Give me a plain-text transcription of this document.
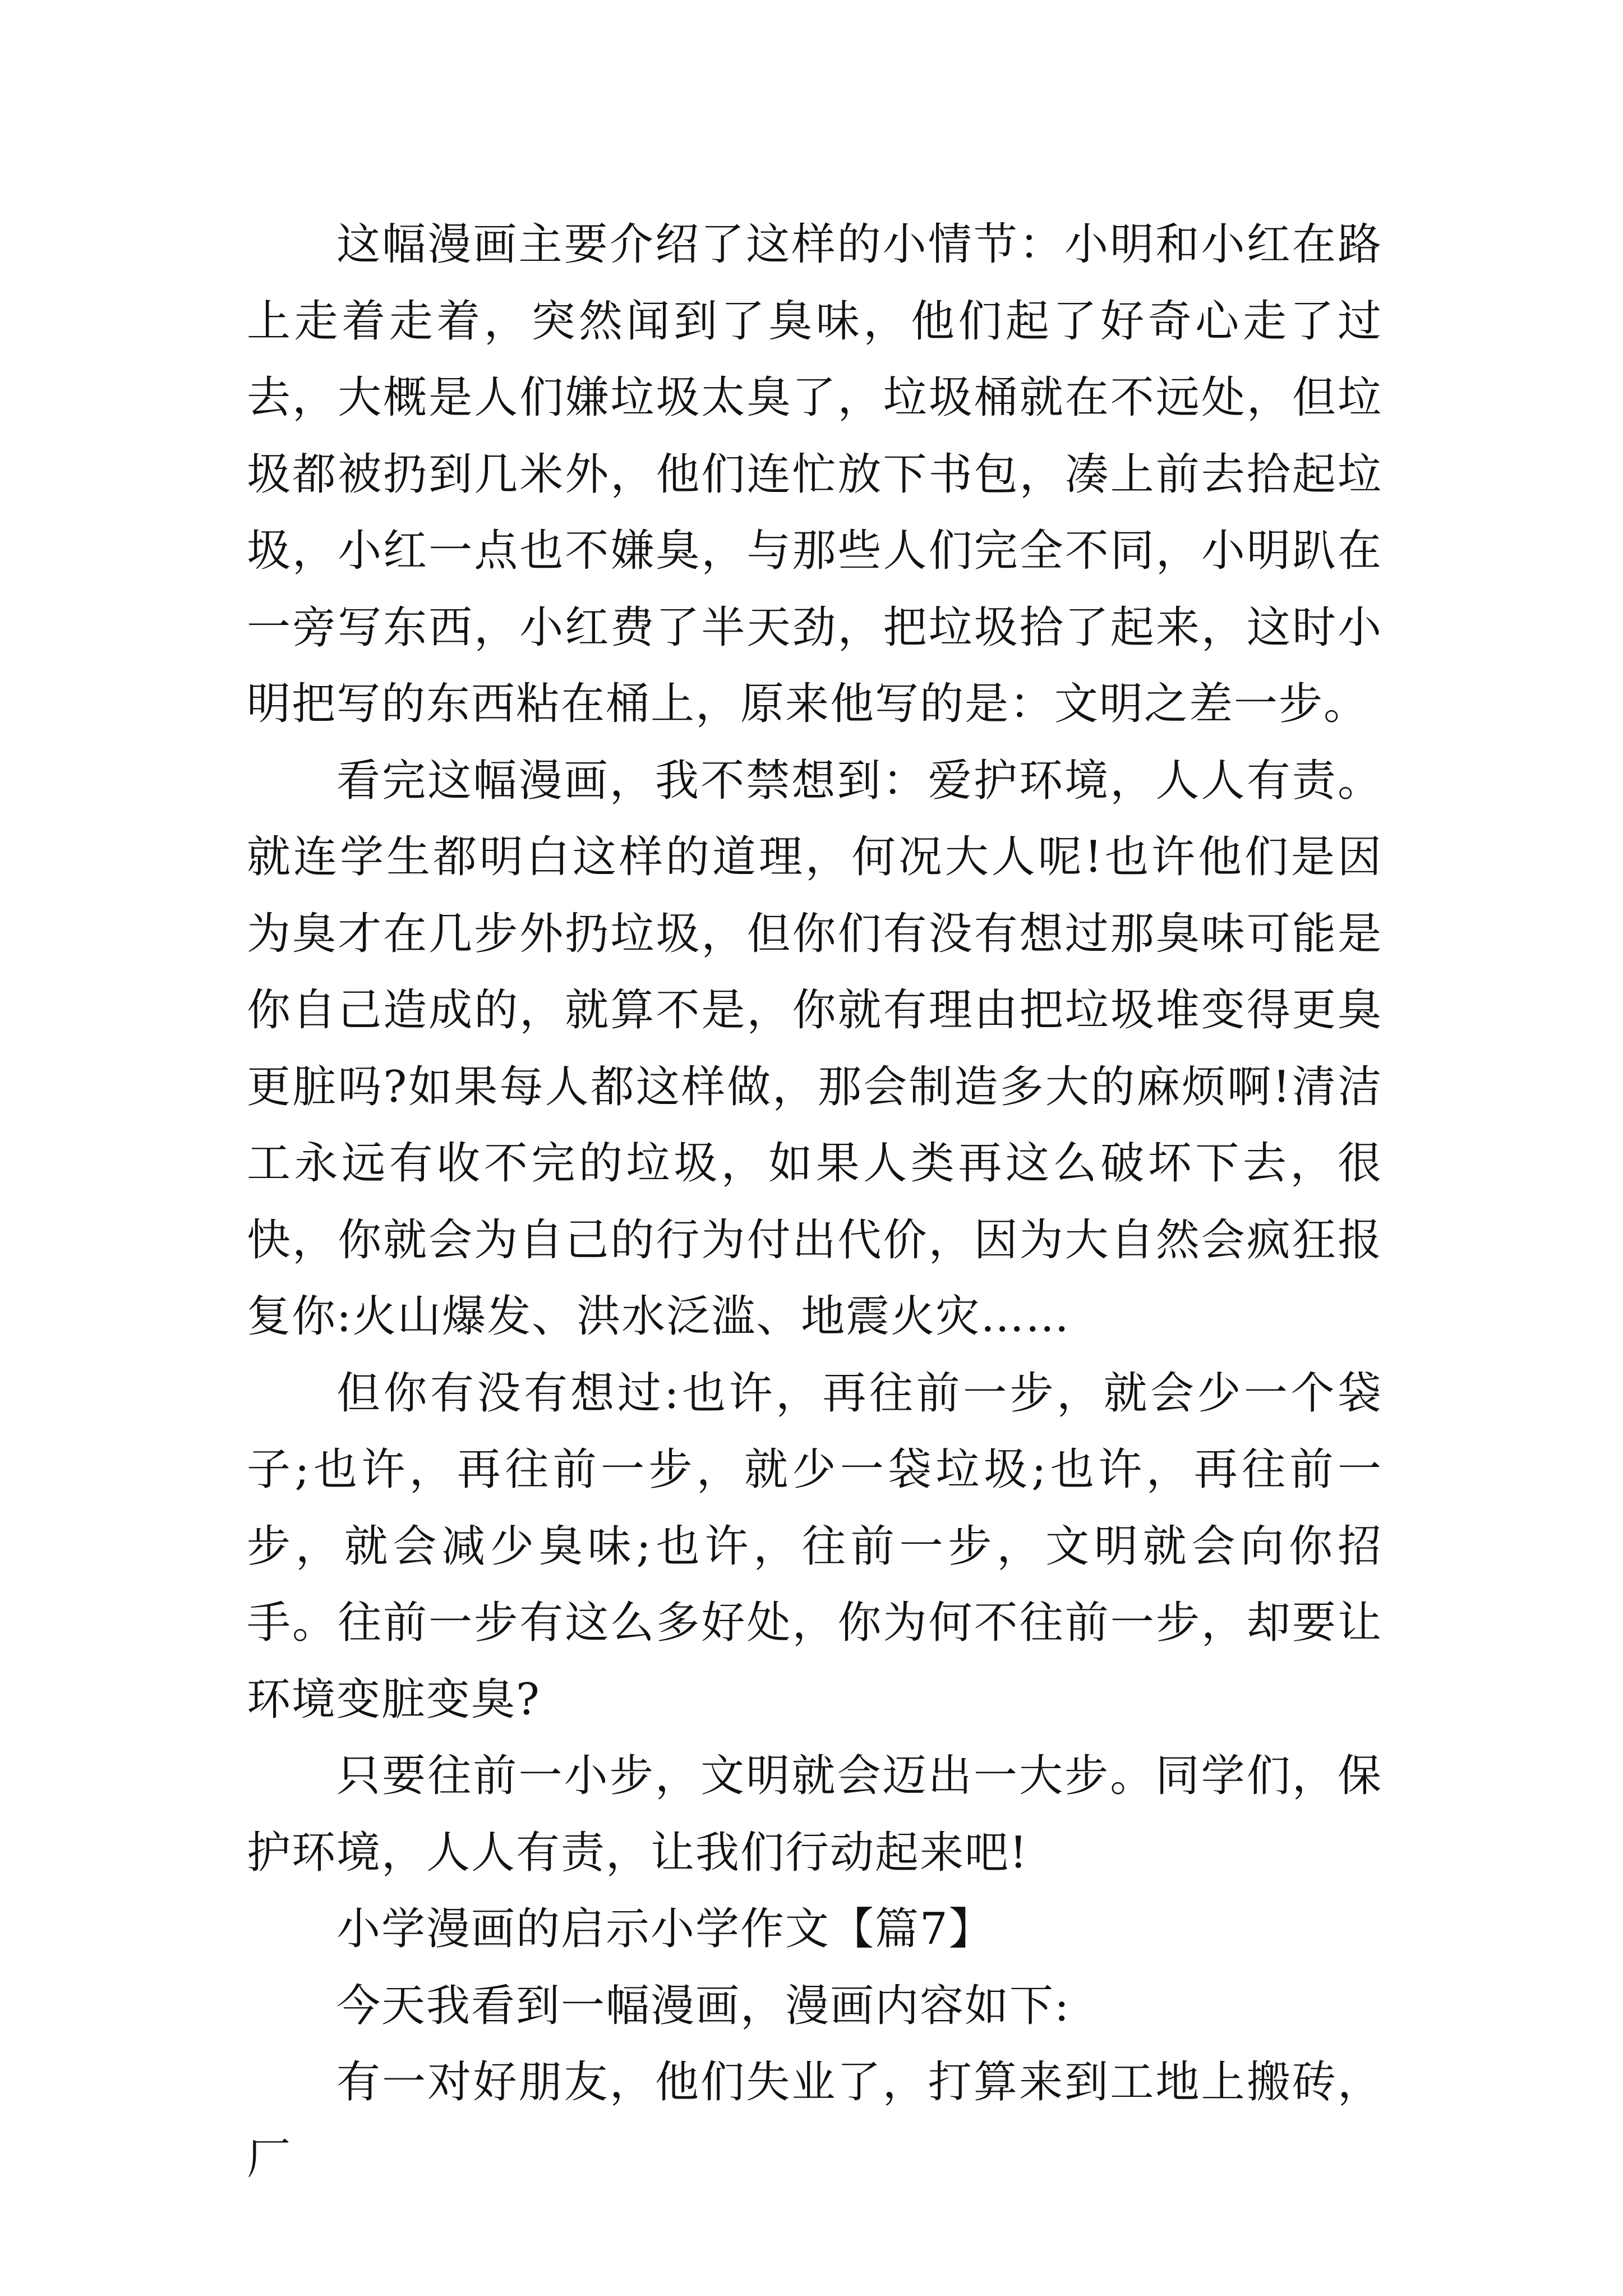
这幅漫画主要介绍了这样的小情节：小明和小红在路上走着走着，突然闻到了臭味，他们起了好奇心走了过去，大概是人们嫌垃圾太臭了，垃圾桶就在不远处，但垃圾都被扔到几米外，他们连忙放下书包，凑上前去拾起垃圾，小红一点也不嫌臭，与那些人们完全不同，小明趴在一旁写东西，小红费了半天劲，把垃圾拾了起来，这时小明把写的东西粘在桶上，原来他写的是：文明之差一步。

看完这幅漫画，我不禁想到：爱护环境，人人有责。就连学生都明白这样的道理，何况大人呢!也许他们是因为臭才在几步外扔垃圾，但你们有没有想过那臭味可能是你自己造成的，就算不是，你就有理由把垃圾堆变得更臭更脏吗?如果每人都这样做，那会制造多大的麻烦啊!清洁工永远有收不完的垃圾，如果人类再这么破坏下去，很快，你就会为自己的行为付出代价，因为大自然会疯狂报复你:火山爆发、洪水泛滥、地震火灾……

但你有没有想过:也许，再往前一步，就会少一个袋子;也许，再往前一步，就少一袋垃圾;也许，再往前一步，就会减少臭味;也许，往前一步，文明就会向你招手。往前一步有这么多好处，你为何不往前一步，却要让环境变脏变臭?

只要往前一小步，文明就会迈出一大步。同学们，保护环境，人人有责，让我们行动起来吧!

小学漫画的启示小学作文【篇7】

今天我看到一幅漫画，漫画内容如下:

有一对好朋友，他们失业了，打算来到工地上搬砖，厂
